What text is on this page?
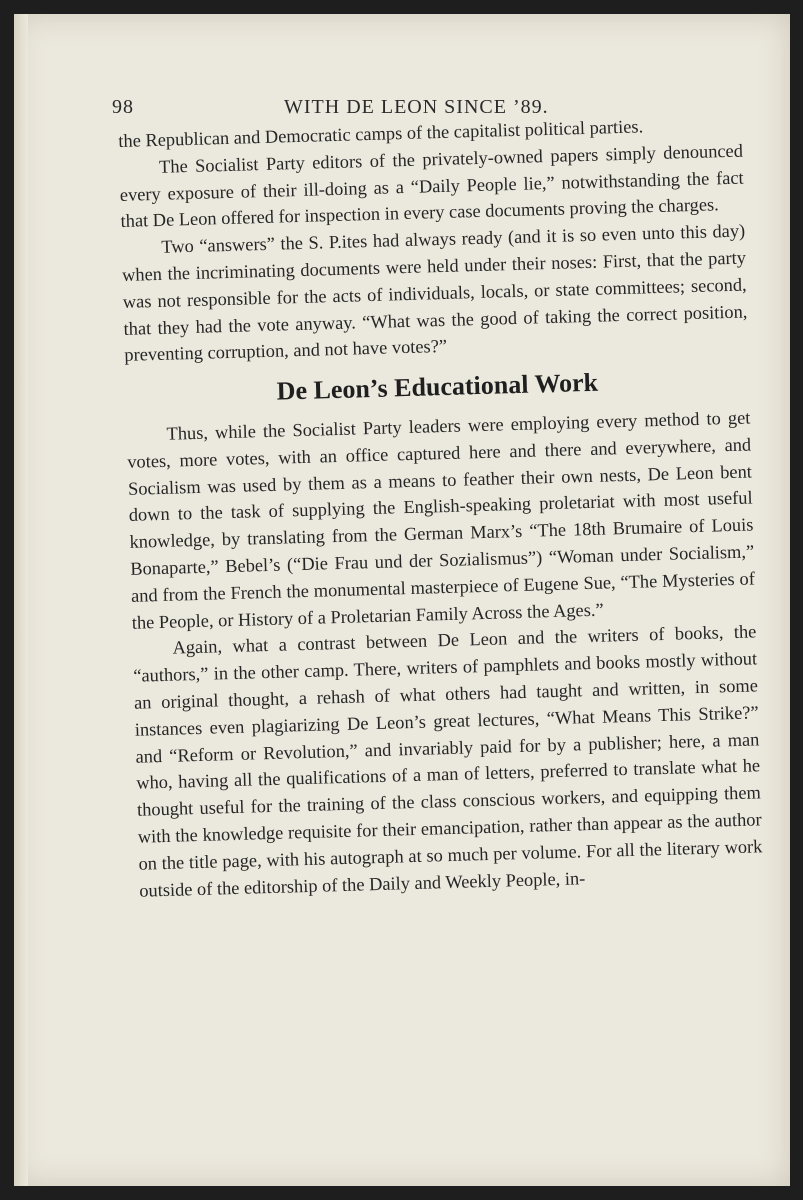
98	WITH DE LEON SINCE ’89.

the Republican and Democratic camps of the capitalist political parties.

The Socialist Party editors of the privately-owned papers simply denounced every exposure of their ill-doing as a “Daily People lie,” notwithstanding the fact that De Leon offered for inspection in every case documents proving the charges.

Two “answers” the S. P.ites had always ready (and it is so even unto this day) when the incriminating documents were held under their noses: First, that the party was not responsible for the acts of individuals, locals, or state committees; second, that they had the vote anyway. “What was the good of taking the correct position, preventing corruption, and not have votes?”

De Leon’s Educational Work

Thus, while the Socialist Party leaders were employing every method to get votes, more votes, with an office captured here and there and everywhere, and Socialism was used by them as a means to feather their own nests, De Leon bent down to the task of supplying the English-speaking proletariat with most useful knowledge, by translating from the German Marx’s “The 18th Brumaire of Louis Bonaparte,” Bebel’s (“Die Frau und der Sozialismus”) “Woman under Socialism,” and from the French the monumental masterpiece of Eugene Sue, “The Mysteries of the People, or History of a Proletarian Family Across the Ages.”

Again, what a contrast between De Leon and the writers of books, the “authors,” in the other camp. There, writers of pamphlets and books mostly without an original thought, a rehash of what others had taught and written, in some instances even plagiarizing De Leon’s great lectures, “What Means This Strike?” and “Reform or Revolution,” and invariably paid for by a publisher; here, a man who, having all the qualifications of a man of letters, preferred to translate what he thought useful for the training of the class conscious workers, and equipping them with the knowledge requisite for their emancipation, rather than appear as the author on the title page, with his autograph at so much per volume. For all the literary work outside of the editorship of the Daily and Weekly People, in-
